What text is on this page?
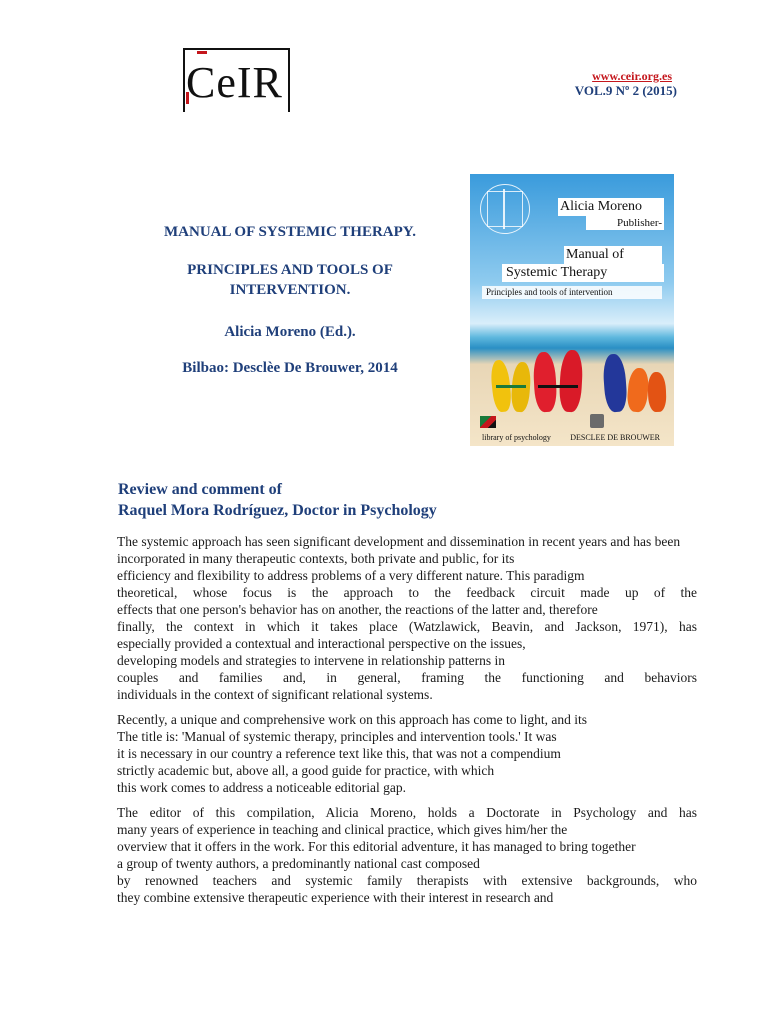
CeIR	www.ceir.org.es
VOL.9 Nº 2 (2015)

MANUAL OF SYSTEMIC THERAPY.

PRINCIPLES AND TOOLS OF
INTERVENTION.

Alicia Moreno (Ed.).

Bilbao: Desclèe De Brouwer, 2014

Alicia Moreno
Publisher-
Manual of
Systemic Therapy
Principles and tools of intervention
library of psychology DESCLEE DE BROUWER
Review and comment of
Raquel Mora Rodríguez, Doctor in Psychology

The systemic approach has seen significant development and dissemination in recent years and has been
incorporated in many therapeutic contexts, both private and public, for its
efficiency and flexibility to address problems of a very different nature. This paradigm
theoretical, whose focus is the approach to the feedback circuit made up of the
effects that one person's behavior has on another, the reactions of the latter and, therefore
finally, the context in which it takes place (Watzlawick, Beavin, and Jackson, 1971), has
especially provided a contextual and interactional perspective on the issues,
developing models and strategies to intervene in relationship patterns in
couples and families and, in general, framing the functioning and behaviors
individuals in the context of significant relational systems.

Recently, a unique and comprehensive work on this approach has come to light, and its
The title is: 'Manual of systemic therapy, principles and intervention tools.' It was
it is necessary in our country a reference text like this, that was not a compendium
strictly academic but, above all, a good guide for practice, with which
this work comes to address a noticeable editorial gap.

The editor of this compilation, Alicia Moreno, holds a Doctorate in Psychology and has
many years of experience in teaching and clinical practice, which gives him/her the
overview that it offers in the work. For this editorial adventure, it has managed to bring together
a group of twenty authors, a predominantly national cast composed
by renowned teachers and systemic family therapists with extensive backgrounds, who
they combine extensive therapeutic experience with their interest in research and
